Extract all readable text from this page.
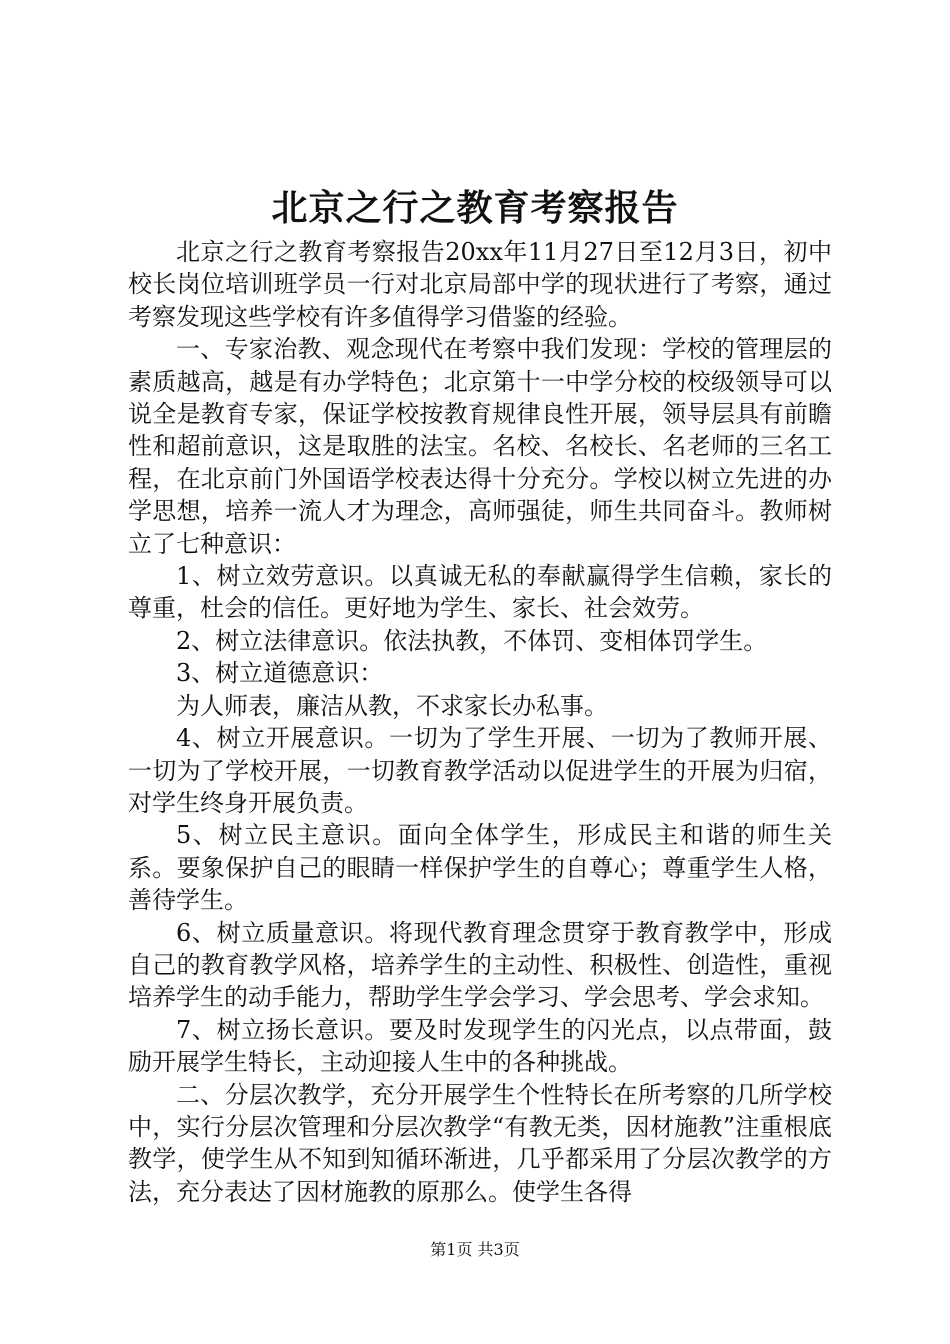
北京之行之教育考察报告

北京之行之教育考察报告20xx年11月27日至12月3日，初中校长岗位培训班学员一行对北京局部中学的现状进行了考察，通过考察发现这些学校有许多值得学习借鉴的经验。

一、专家治教、观念现代在考察中我们发现：学校的管理层的素质越高，越是有办学特色；北京第十一中学分校的校级领导可以说全是教育专家，保证学校按教育规律良性开展，领导层具有前瞻性和超前意识，这是取胜的法宝。名校、名校长、名老师的三名工程，在北京前门外国语学校表达得十分充分。学校以树立先进的办学思想，培养一流人才为理念，高师强徒，师生共同奋斗。教师树立了七种意识：

1、树立效劳意识。以真诚无私的奉献赢得学生信赖，家长的尊重，杜会的信任。更好地为学生、家长、社会效劳。

2、树立法律意识。依法执教，不体罚、变相体罚学生。

3、树立道德意识：

为人师表，廉洁从教，不求家长办私事。

4、树立开展意识。一切为了学生开展、一切为了教师开展、一切为了学校开展，一切教育教学活动以促进学生的开展为归宿，对学生终身开展负责。

5、树立民主意识。面向全体学生，形成民主和谐的师生关系。要象保护自己的眼睛一样保护学生的自尊心；尊重学生人格，善待学生。

6、树立质量意识。将现代教育理念贯穿于教育教学中，形成自己的教育教学风格，培养学生的主动性、积极性、创造性，重视培养学生的动手能力，帮助学生学会学习、学会思考、学会求知。

7、树立扬长意识。要及时发现学生的闪光点，以点带面，鼓励开展学生特长，主动迎接人生中的各种挑战。

二、分层次教学，充分开展学生个性特长在所考察的几所学校中，实行分层次管理和分层次教学“有教无类，因材施教”注重根底教学，使学生从不知到知循环渐进，几乎都采用了分层次教学的方法，充分表达了因材施教的原那么。使学生各得

第1页 共3页
